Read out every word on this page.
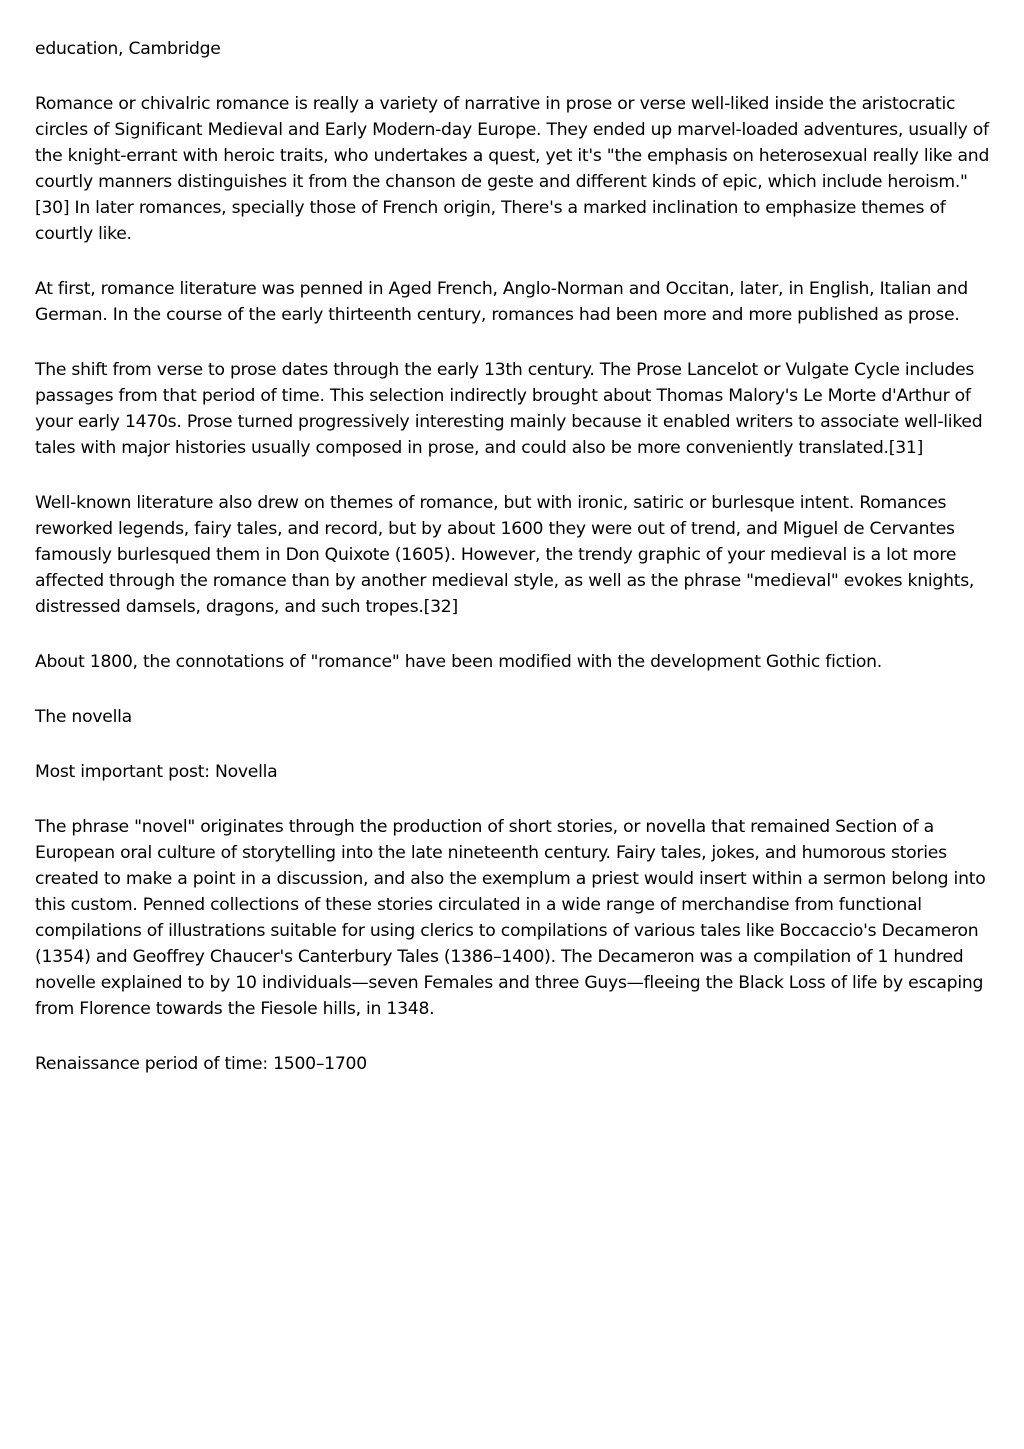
education, Cambridge

Romance or chivalric romance is really a variety of narrative in prose or verse well-liked inside the aristocratic circles of Significant Medieval and Early Modern-day Europe. They ended up marvel-loaded adventures, usually of the knight-errant with heroic traits, who undertakes a quest, yet it's "the emphasis on heterosexual really like and courtly manners distinguishes it from the chanson de geste and different kinds of epic, which include heroism."[30] In later romances, specially those of French origin, There's a marked inclination to emphasize themes of courtly like.

At first, romance literature was penned in Aged French, Anglo-Norman and Occitan, later, in English, Italian and German. In the course of the early thirteenth century, romances had been more and more published as prose.

The shift from verse to prose dates through the early 13th century. The Prose Lancelot or Vulgate Cycle includes passages from that period of time. This selection indirectly brought about Thomas Malory's Le Morte d'Arthur of your early 1470s. Prose turned progressively interesting mainly because it enabled writers to associate well-liked tales with major histories usually composed in prose, and could also be more conveniently translated.[31]

Well-known literature also drew on themes of romance, but with ironic, satiric or burlesque intent. Romances reworked legends, fairy tales, and record, but by about 1600 they were out of trend, and Miguel de Cervantes famously burlesqued them in Don Quixote (1605). However, the trendy graphic of your medieval is a lot more affected through the romance than by another medieval style, as well as the phrase "medieval" evokes knights, distressed damsels, dragons, and such tropes.[32]

About 1800, the connotations of "romance" have been modified with the development Gothic fiction.

The novella

Most important post: Novella

The phrase "novel" originates through the production of short stories, or novella that remained Section of a European oral culture of storytelling into the late nineteenth century. Fairy tales, jokes, and humorous stories created to make a point in a discussion, and also the exemplum a priest would insert within a sermon belong into this custom. Penned collections of these stories circulated in a wide range of merchandise from functional compilations of illustrations suitable for using clerics to compilations of various tales like Boccaccio's Decameron (1354) and Geoffrey Chaucer's Canterbury Tales (1386–1400). The Decameron was a compilation of 1 hundred novelle explained to by 10 individuals—seven Females and three Guys—fleeing the Black Loss of life by escaping from Florence towards the Fiesole hills, in 1348.

Renaissance period of time: 1500–1700
